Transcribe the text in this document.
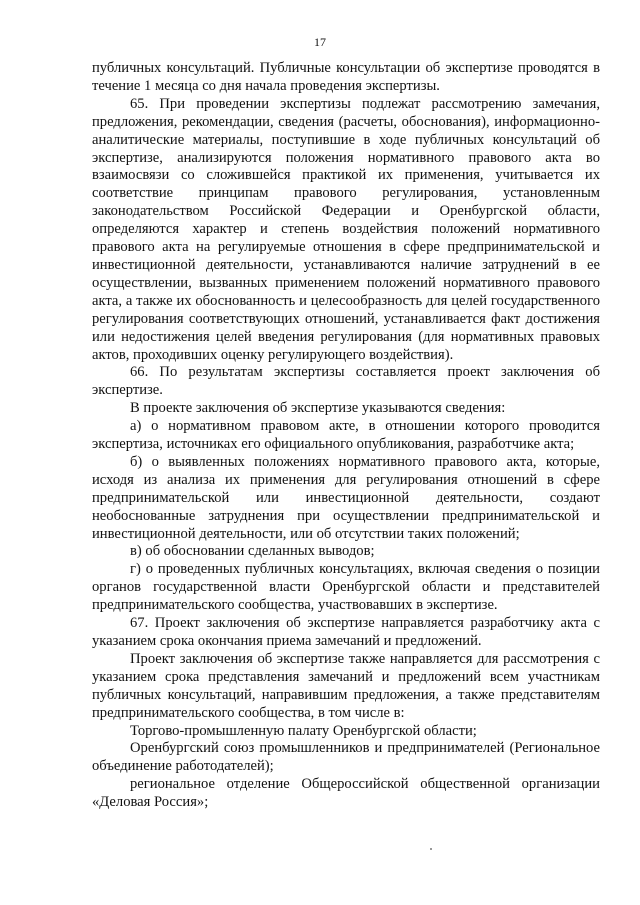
17

публичных консультаций. Публичные консультации об экспертизе проводятся в течение 1 месяца со дня начала проведения экспертизы.

65. При проведении экспертизы подлежат рассмотрению замечания, предложения, рекомендации, сведения (расчеты, обоснования), информационно-аналитические материалы, поступившие в ходе публичных консультаций об экспертизе, анализируются положения нормативного правового акта во взаимосвязи со сложившейся практикой их применения, учитывается их соответствие принципам правового регулирования, установленным законодательством Российской Федерации и Оренбургской области, определяются характер и степень воздействия положений нормативного правового акта на регулируемые отношения в сфере предпринимательской и инвестиционной деятельности, устанавливаются наличие затруднений в ее осуществлении, вызванных применением положений нормативного правового акта, а также их обоснованность и целесообразность для целей государственного регулирования соответствующих отношений, устанавливается факт достижения или недостижения целей введения регулирования (для нормативных правовых актов, проходивших оценку регулирующего воздействия).

66. По результатам экспертизы составляется проект заключения об экспертизе.

В проекте заключения об экспертизе указываются сведения:

а) о нормативном правовом акте, в отношении которого проводится экспертиза, источниках его официального опубликования, разработчике акта;

б) о выявленных положениях нормативного правового акта, которые, исходя из анализа их применения для регулирования отношений в сфере предпринимательской или инвестиционной деятельности, создают необоснованные затруднения при осуществлении предпринимательской и инвестиционной деятельности, или об отсутствии таких положений;

в) об обосновании сделанных выводов;

г) о проведенных публичных консультациях, включая сведения о позиции органов государственной власти Оренбургской области и представителей предпринимательского сообщества, участвовавших в экспертизе.

67. Проект заключения об экспертизе направляется разработчику акта с указанием срока окончания приема замечаний и предложений.

Проект заключения об экспертизе также направляется для рассмотрения с указанием срока представления замечаний и предложений всем участникам публичных консультаций, направившим предложения, а также представителям предпринимательского сообщества, в том числе в:

Торгово-промышленную палату Оренбургской области;

Оренбургский союз промышленников и предпринимателей (Региональное объединение работодателей);

региональное отделение Общероссийской общественной организации «Деловая Россия»;
